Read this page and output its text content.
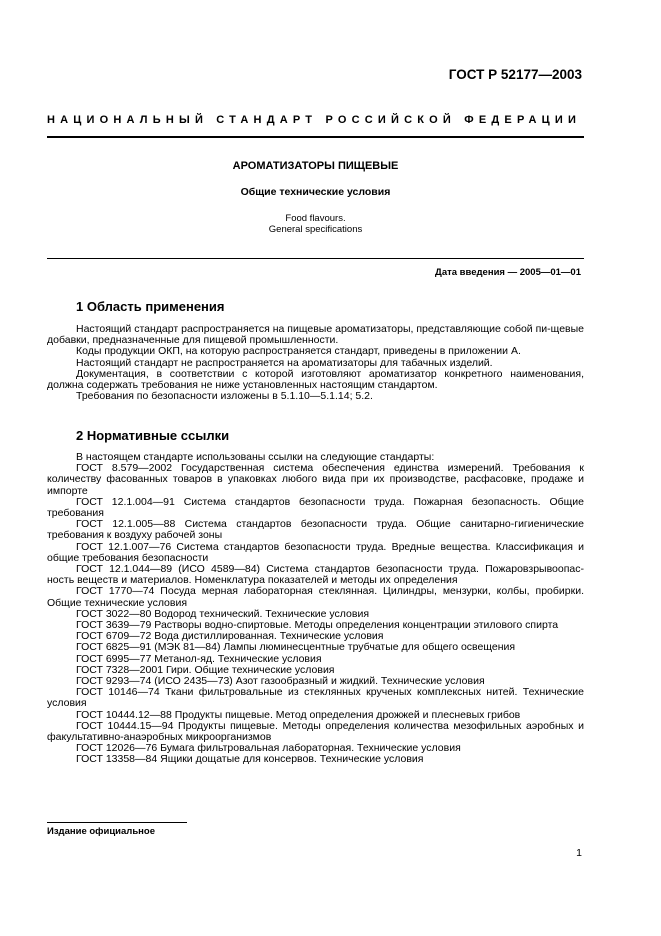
ГОСТ Р 52177—2003
НАЦИОНАЛЬНЫЙ СТАНДАРТ РОССИЙСКОЙ ФЕДЕРАЦИИ
АРОМАТИЗАТОРЫ ПИЩЕВЫЕ
Общие технические условия
Food flavours.
General specifications
Дата введения — 2005—01—01
1 Область применения
Настоящий стандарт распространяется на пищевые ароматизаторы, представляющие собой пи-щевые добавки, предназначенные для пищевой промышленности.
Коды продукции ОКП, на которую распространяется стандарт, приведены в приложении А.
Настоящий стандарт не распространяется на ароматизаторы для табачных изделий.
Документация, в соответствии с которой изготовляют ароматизатор конкретного наименования, должна содержать требования не ниже установленных настоящим стандартом.
Требования по безопасности изложены в 5.1.10—5.1.14; 5.2.
2 Нормативные ссылки
В настоящем стандарте использованы ссылки на следующие стандарты:
ГОСТ 8.579—2002 Государственная система обеспечения единства измерений. Требования к количеству фасованных товаров в упаковках любого вида при их производстве, расфасовке, продаже и импорте
ГОСТ 12.1.004—91 Система стандартов безопасности труда. Пожарная безопасность. Общие требования
ГОСТ 12.1.005—88 Система стандартов безопасности труда. Общие санитарно-гигиенические требования к воздуху рабочей зоны
ГОСТ 12.1.007—76 Система стандартов безопасности труда. Вредные вещества. Классификация и общие требования безопасности
ГОСТ 12.1.044—89 (ИСО 4589—84) Система стандартов безопасности труда. Пожаровзрывоопас-ность веществ и материалов. Номенклатура показателей и методы их определения
ГОСТ 1770—74 Посуда мерная лабораторная стеклянная. Цилиндры, мензурки, колбы, пробирки. Общие технические условия
ГОСТ 3022—80 Водород технический. Технические условия
ГОСТ 3639—79 Растворы водно-спиртовые. Методы определения концентрации этилового спирта
ГОСТ 6709—72 Вода дистиллированная. Технические условия
ГОСТ 6825—91 (МЭК 81—84) Лампы люминесцентные трубчатые для общего освещения
ГОСТ 6995—77 Метанол-яд. Технические условия
ГОСТ 7328—2001 Гири. Общие технические условия
ГОСТ 9293—74 (ИСО 2435—73) Азот газообразный и жидкий. Технические условия
ГОСТ 10146—74 Ткани фильтровальные из стеклянных крученых комплексных нитей. Технические условия
ГОСТ 10444.12—88 Продукты пищевые. Метод определения дрожжей и плесневых грибов
ГОСТ 10444.15—94 Продукты пищевые. Методы определения количества мезофильных аэробных и факультативно-анаэробных микроорганизмов
ГОСТ 12026—76 Бумага фильтровальная лабораторная. Технические условия
ГОСТ 13358—84 Ящики дощатые для консервов. Технические условия
Издание официальное
1
